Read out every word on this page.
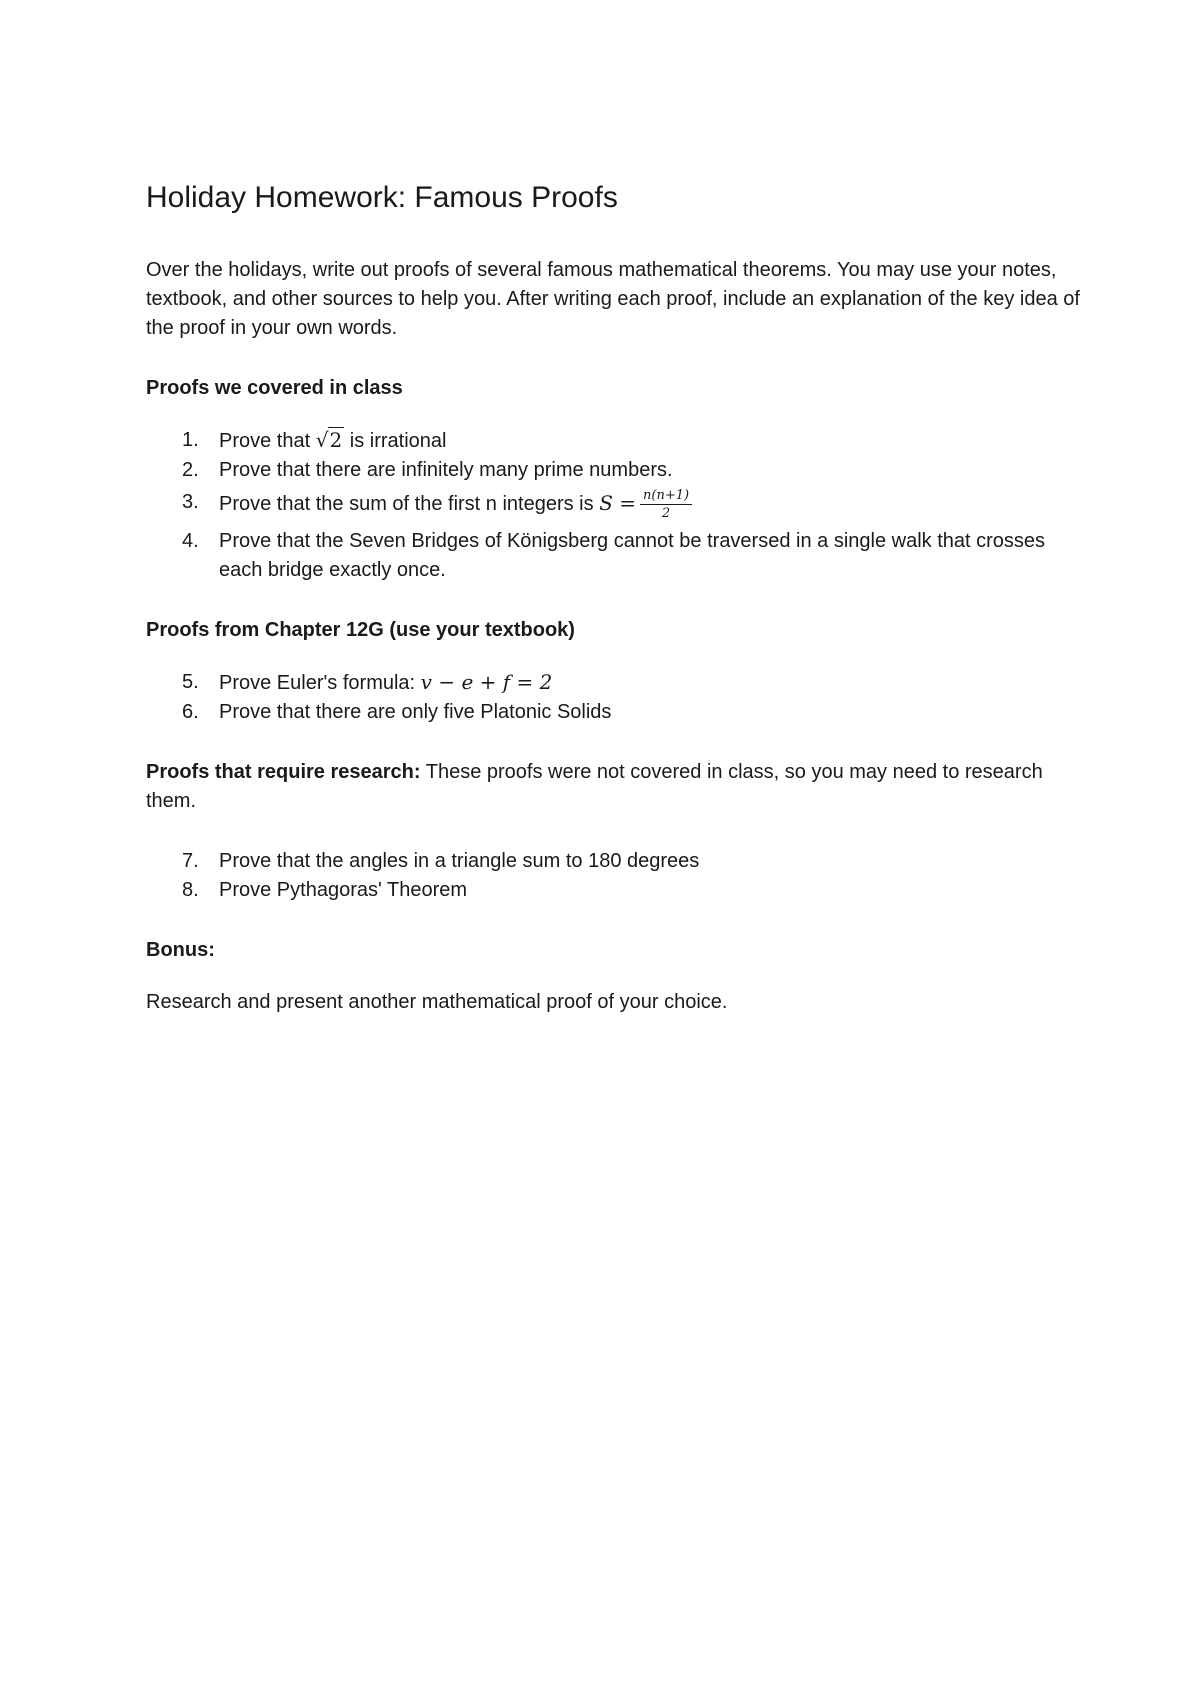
Holiday Homework: Famous Proofs

Over the holidays, write out proofs of several famous mathematical theorems. You may use your notes, textbook, and other sources to help you. After writing each proof, include an explanation of the key idea of the proof in your own words.

Proofs we covered in class
1.	Prove that √2 is irrational
2.	Prove that there are infinitely many prime numbers.
3.	Prove that the sum of the first n integers is $S = \frac{n(n+1)}{2}$
4.	Prove that the Seven Bridges of Königsberg cannot be traversed in a single walk that crosses each bridge exactly once.
Proofs from Chapter 12G (use your textbook)
5.	Prove Euler's formula: v − e + f = 2
6.	Prove that there are only five Platonic Solids

Proofs that require research: These proofs were not covered in class, so you may need to research them.

7.	Prove that the angles in a triangle sum to 180 degrees
8.	Prove Pythagoras' Theorem
Bonus:

Research and present another mathematical proof of your choice.
